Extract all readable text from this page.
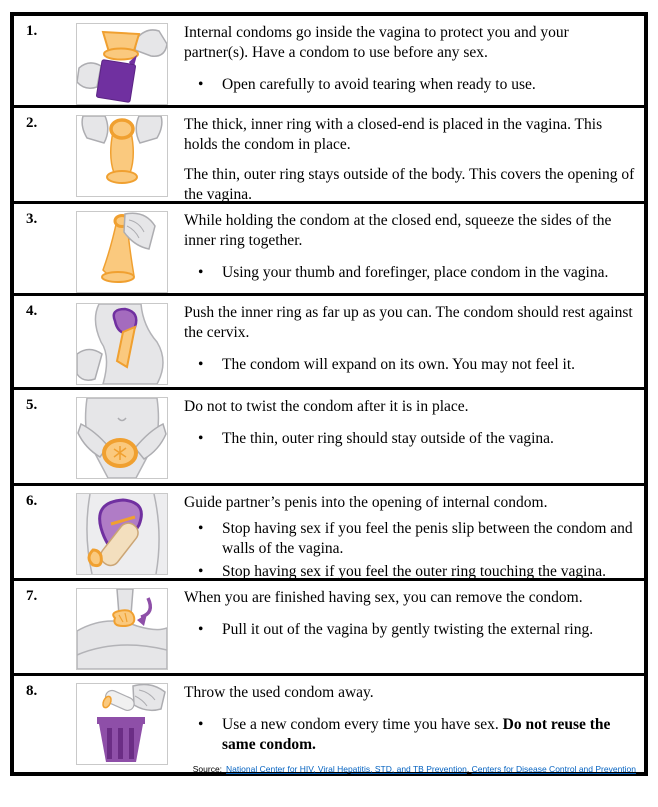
1.	Internal condoms go inside the vagina to protect you and your partner(s). Have a condom to use before any sex.
•
Open carefully to avoid tearing when ready to use.
2.	The thick, inner ring with a closed-end is placed in the vagina. This holds the condom in place.
The thin, outer ring stays outside of the body. This covers the opening of the vagina.
3.	While holding the condom at the closed end, squeeze the sides of the inner ring together.
•
Using your thumb and forefinger, place condom in the vagina.
4.	Push the inner ring as far up as you can. The condom should rest against the cervix.
•
The condom will expand on its own. You may not feel it.
5.	Do not to twist the condom after it is in place.
•
The thin, outer ring should stay outside of the vagina.
6.	Guide partner’s penis into the opening of internal condom.
•
Stop having sex if you feel the penis slip between the condom and walls of the vagina.
•
Stop having sex if you feel the outer ring touching the vagina.
7.	When you are finished having sex, you can remove the condom.
•
Pull it out of the vagina by gently twisting the external ring.
8.	Throw the used condom away.
•
Use a new condom every time you have sex. Do not reuse the same condom.
Source: National Center for HIV, Viral Hepatitis, STD, and TB Prevention, Centers for Disease Control and Prevention
